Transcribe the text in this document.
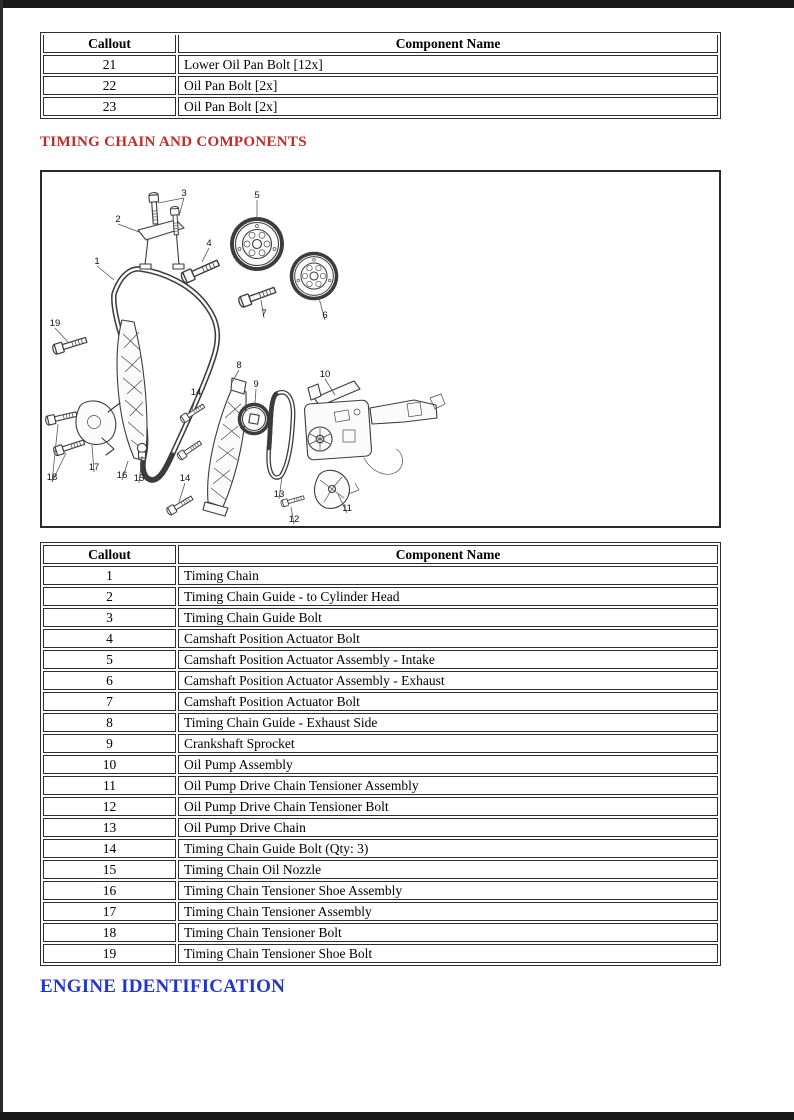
Callout	Component Name
21	Lower Oil Pan Bolt [12x]
22	Oil Pan Bolt [2x]
23	Oil Pan Bolt [2x]
TIMING CHAIN AND COMPONENTS
1
2
3
4
5
6
7
8
9
10
11
12
13
14
14
15
16
17
18
19
Callout	Component Name
1	Timing Chain
2	Timing Chain Guide - to Cylinder Head
3	Timing Chain Guide Bolt
4	Camshaft Position Actuator Bolt
5	Camshaft Position Actuator Assembly - Intake
6	Camshaft Position Actuator Assembly - Exhaust
7	Camshaft Position Actuator Bolt
8	Timing Chain Guide - Exhaust Side
9	Crankshaft Sprocket
10	Oil Pump Assembly
11	Oil Pump Drive Chain Tensioner Assembly
12	Oil Pump Drive Chain Tensioner Bolt
13	Oil Pump Drive Chain
14	Timing Chain Guide Bolt (Qty: 3)
15	Timing Chain Oil Nozzle
16	Timing Chain Tensioner Shoe Assembly
17	Timing Chain Tensioner Assembly
18	Timing Chain Tensioner Bolt
19	Timing Chain Tensioner Shoe Bolt
ENGINE IDENTIFICATION
